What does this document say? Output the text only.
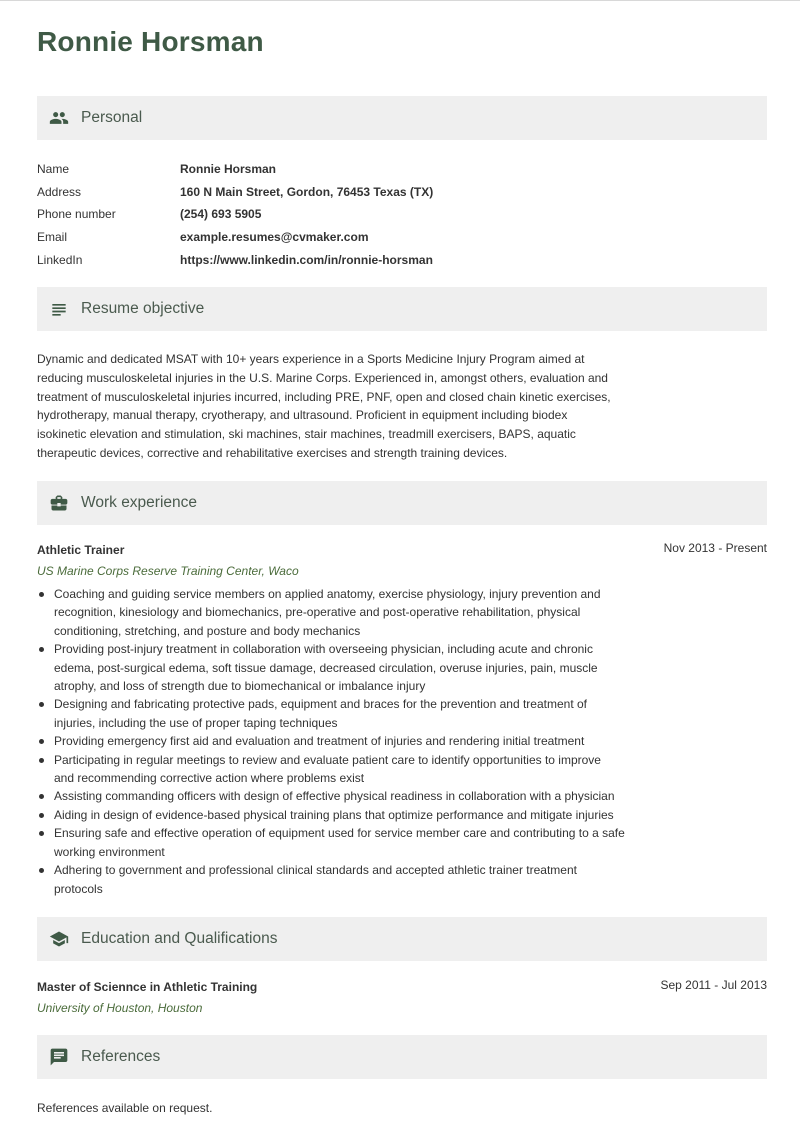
Ronnie Horsman
Personal
Name	Ronnie Horsman
Address	160 N Main Street, Gordon, 76453 Texas (TX)
Phone number	(254) 693 5905
Email	example.resumes@cvmaker.com
LinkedIn	https://www.linkedin.com/in/ronnie-horsman
Resume objective
Dynamic and dedicated MSAT with 10+ years experience in a Sports Medicine Injury Program aimed at
reducing musculoskeletal injuries in the U.S. Marine Corps. Experienced in, amongst others, evaluation and
treatment of musculoskeletal injuries incurred, including PRE, PNF, open and closed chain kinetic exercises,
hydrotherapy, manual therapy, cryotherapy, and ultrasound. Proficient in equipment including biodex
isokinetic elevation and stimulation, ski machines, stair machines, treadmill exercisers, BAPS, aquatic
therapeutic devices, corrective and rehabilitative exercises and strength training devices.
Work experience
Athletic Trainer	Nov 2013 - Present
US Marine Corps Reserve Training Center, Waco
Coaching and guiding service members on applied anatomy, exercise physiology, injury prevention and
recognition, kinesiology and biomechanics, pre-operative and post-operative rehabilitation, physical
conditioning, stretching, and posture and body mechanics
Providing post-injury treatment in collaboration with overseeing physician, including acute and chronic
edema, post-surgical edema, soft tissue damage, decreased circulation, overuse injuries, pain, muscle
atrophy, and loss of strength due to biomechanical or imbalance injury
Designing and fabricating protective pads, equipment and braces for the prevention and treatment of
injuries, including the use of proper taping techniques
Providing emergency first aid and evaluation and treatment of injuries and rendering initial treatment
Participating in regular meetings to review and evaluate patient care to identify opportunities to improve
and recommending corrective action where problems exist
Assisting commanding officers with design of effective physical readiness in collaboration with a physician
Aiding in design of evidence-based physical training plans that optimize performance and mitigate injuries
Ensuring safe and effective operation of equipment used for service member care and contributing to a safe
working environment
Adhering to government and professional clinical standards and accepted athletic trainer treatment
protocols
Education and Qualifications
Master of Sciennce in Athletic Training	Sep 2011 - Jul 2013
University of Houston, Houston
References
References available on request.
